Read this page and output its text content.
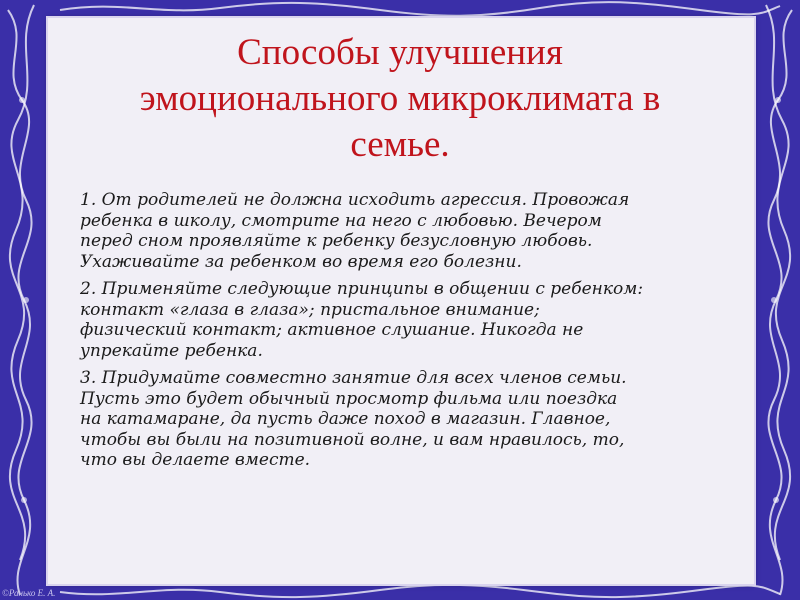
Способы улучшения
эмоционального микроклимата в
семье.

1. От родителей не должна исходить агрессия. Провожая
ребенка в школу, смотрите на него с любовью. Вечером
перед сном проявляйте к ребенку безусловную любовь.
Ухаживайте за ребенком во время его болезни.

2. Применяйте следующие принципы в общении с ребенком:
контакт «глаза в глаза»; пристальное внимание;
физический контакт; активное слушание. Никогда не
упрекайте ребенка.

3. Придумайте совместно занятие для всех членов семьи.
Пусть это будет обычный просмотр фильма или поездка
на катамаране, да пусть даже поход в магазин. Главное,
чтобы вы были на позитивной волне, и вам нравилось, то,
что вы делаете вместе.

©Ранько Е. А.
